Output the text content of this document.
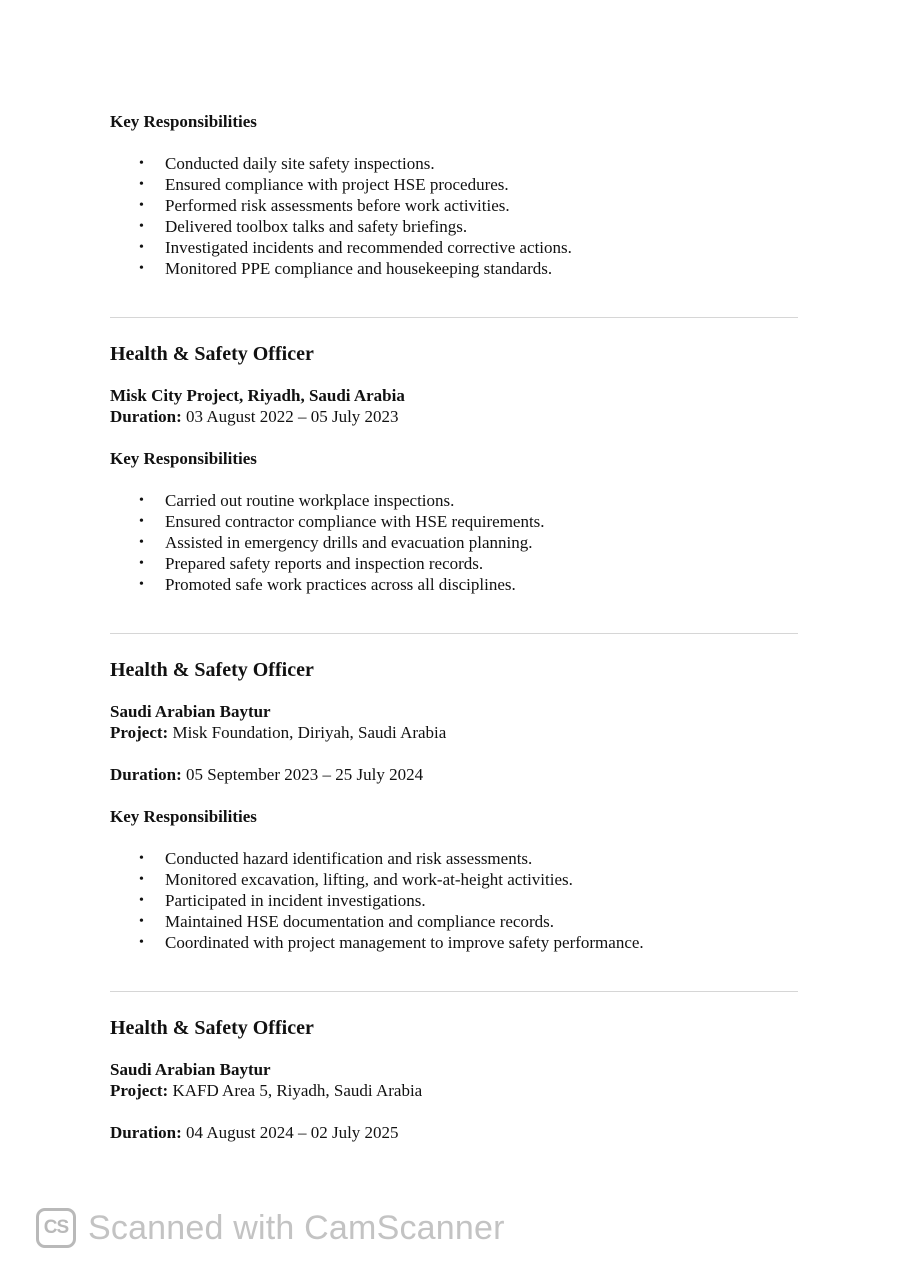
Key Responsibilities
• Conducted daily site safety inspections.
• Ensured compliance with project HSE procedures.
• Performed risk assessments before work activities.
• Delivered toolbox talks and safety briefings.
• Investigated incidents and recommended corrective actions.
• Monitored PPE compliance and housekeeping standards.
Health & Safety Officer
Misk City Project, Riyadh, Saudi Arabia
Duration: 03 August 2022 – 05 July 2023
Key Responsibilities
• Carried out routine workplace inspections.
• Ensured contractor compliance with HSE requirements.
• Assisted in emergency drills and evacuation planning.
• Prepared safety reports and inspection records.
• Promoted safe work practices across all disciplines.
Health & Safety Officer
Saudi Arabian Baytur
Project: Misk Foundation, Diriyah, Saudi Arabia
Duration: 05 September 2023 – 25 July 2024
Key Responsibilities
• Conducted hazard identification and risk assessments.
• Monitored excavation, lifting, and work-at-height activities.
• Participated in incident investigations.
• Maintained HSE documentation and compliance records.
• Coordinated with project management to improve safety performance.
Health & Safety Officer
Saudi Arabian Baytur
Project: KAFD Area 5, Riyadh, Saudi Arabia
Duration: 04 August 2024 – 02 July 2025
CS Scanned with CamScanner
